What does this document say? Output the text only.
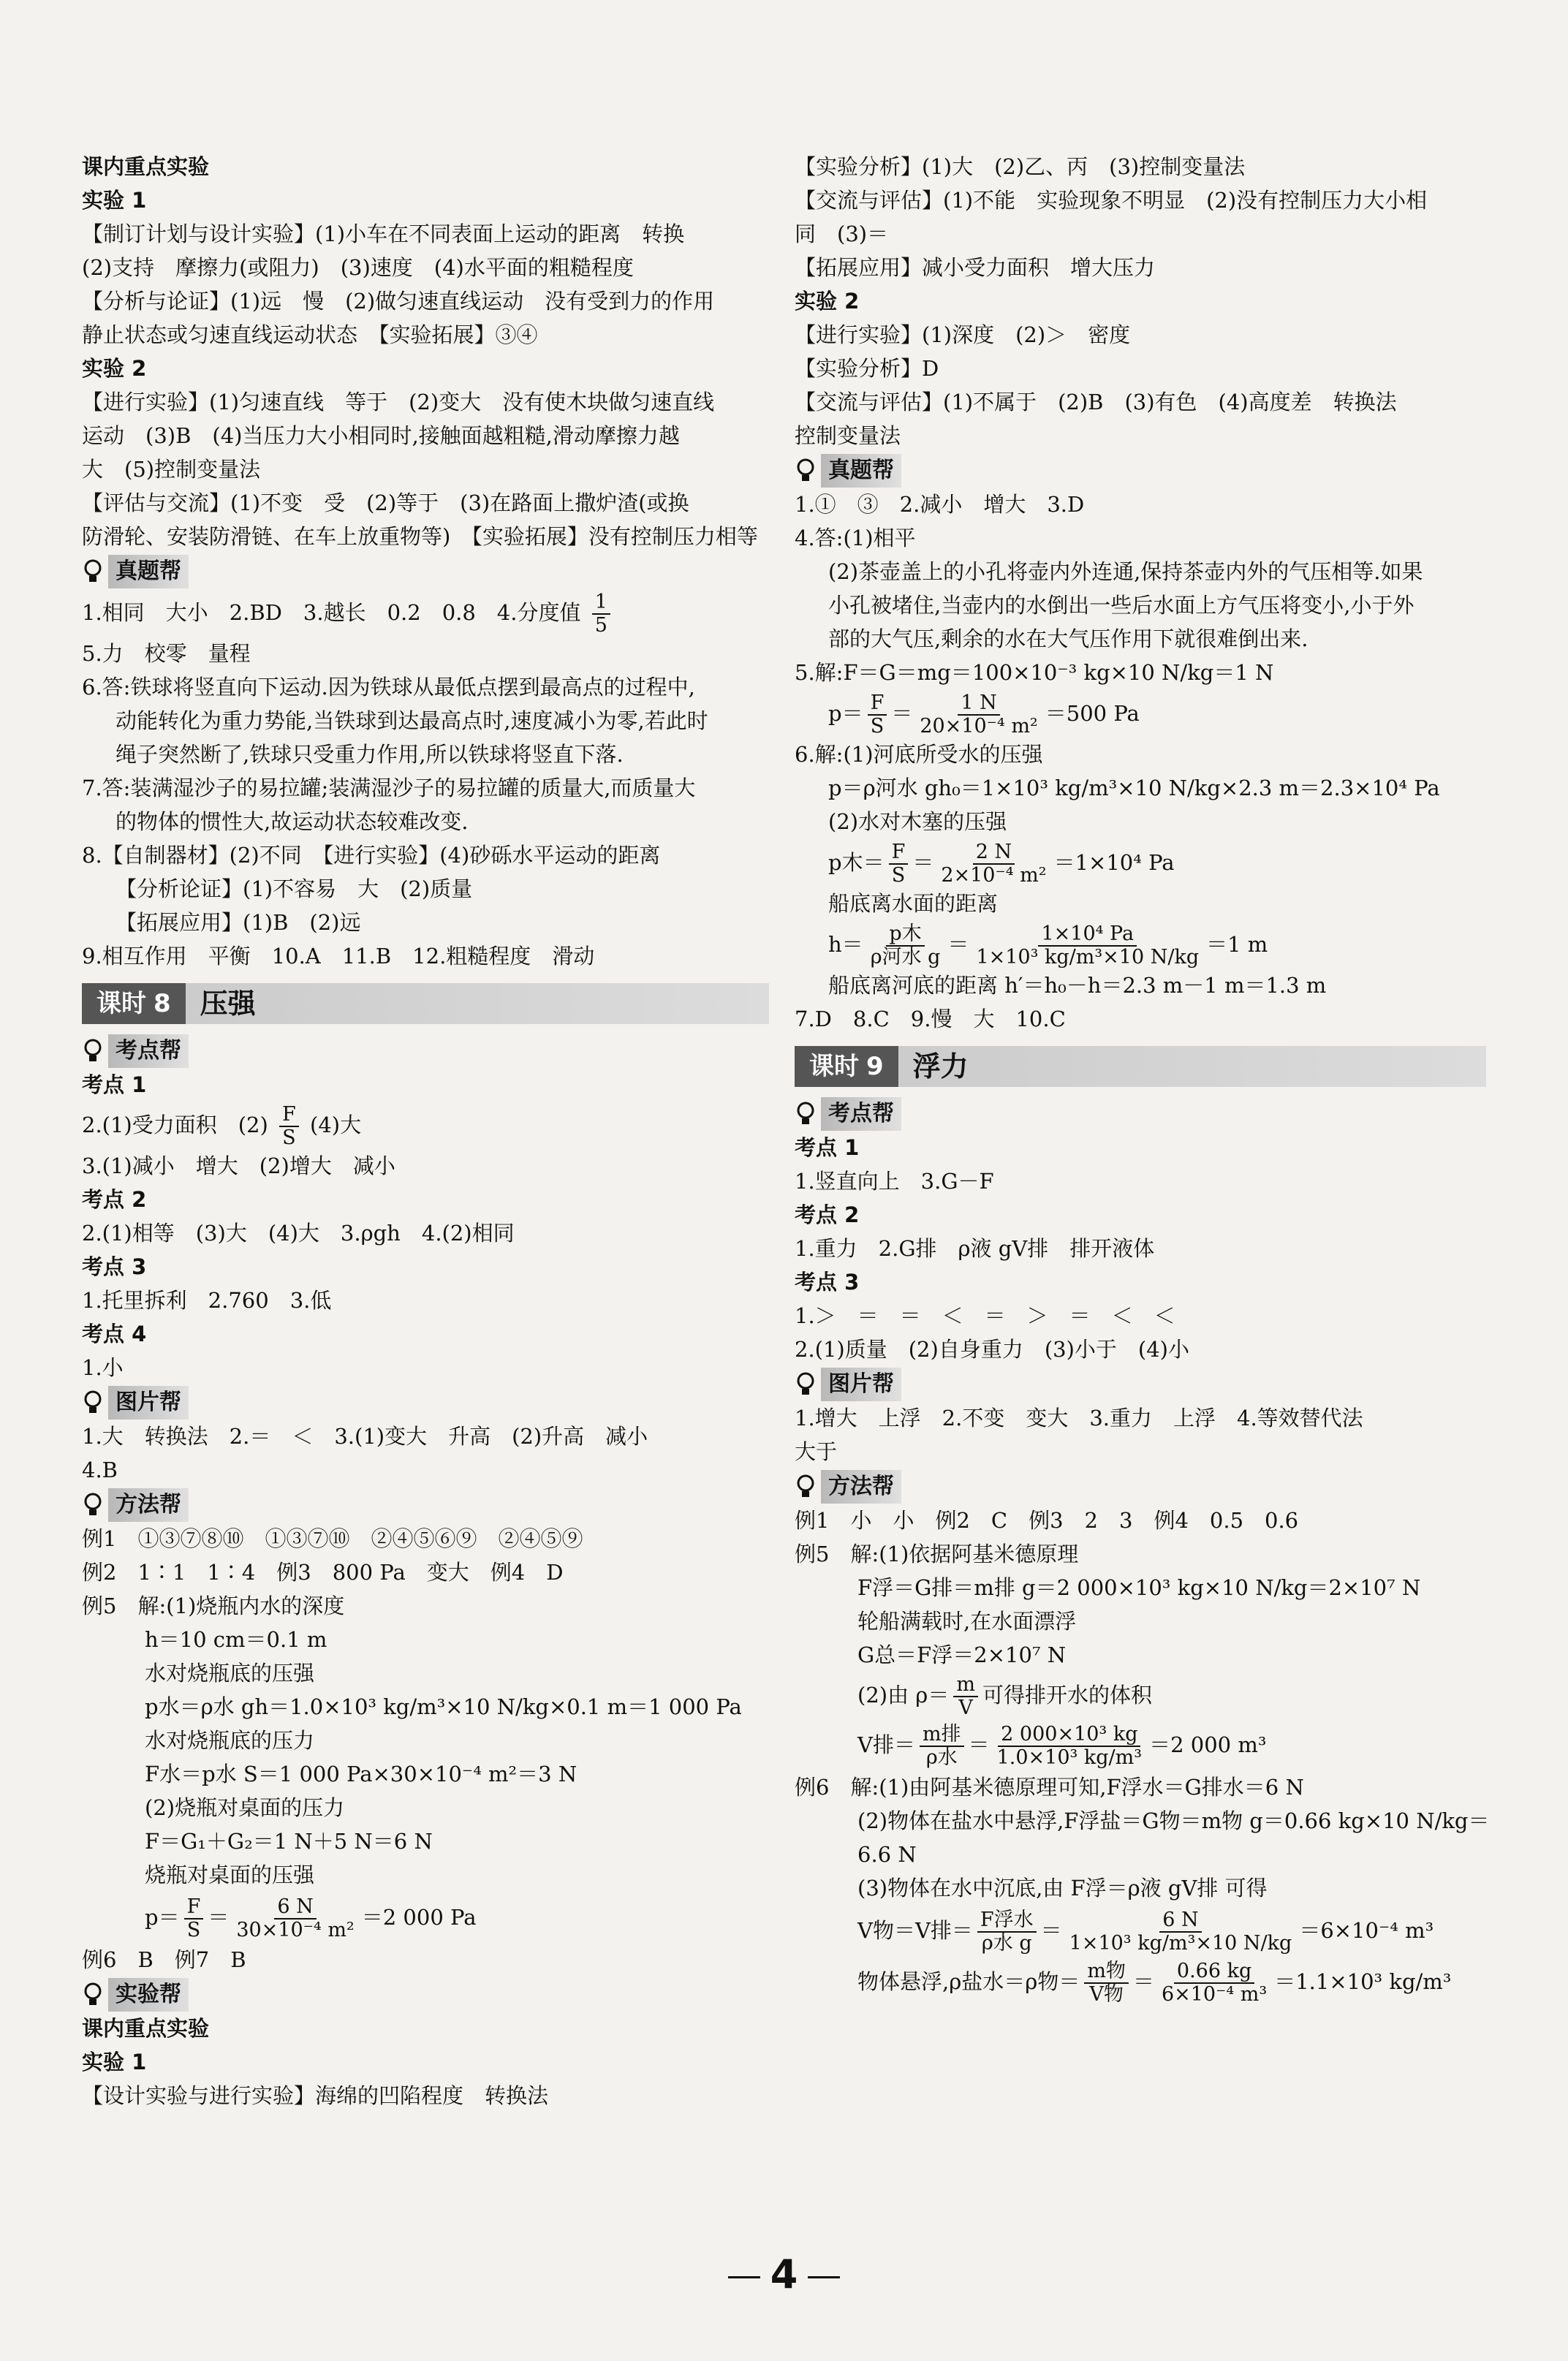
课内重点实验
实验 1
【制订计划与设计实验】(1)小车在不同表面上运动的距离　转换
(2)支持　摩擦力(或阻力)　(3)速度　(4)水平面的粗糙程度
【分析与论证】(1)远　慢　(2)做匀速直线运动　没有受到力的作用
静止状态或匀速直线运动状态　【实验拓展】③④
实验 2
【进行实验】(1)匀速直线　等于　(2)变大　没有使木块做匀速直线
运动　(3)B　(4)当压力大小相同时,接触面越粗糙,滑动摩擦力越
大　(5)控制变量法
【评估与交流】(1)不变　受　(2)等于　(3)在路面上撒炉渣(或换
防滑轮、安装防滑链、在车上放重物等)　【实验拓展】没有控制压力相等
真题帮
1.相同　大小　2.BD　3.越长　0.2　0.8　4.分度值 $\frac{1}{5}$
5.力　校零　量程
6.答:铁球将竖直向下运动.因为铁球从最低点摆到最高点的过程中,
动能转化为重力势能,当铁球到达最高点时,速度减小为零,若此时
绳子突然断了,铁球只受重力作用,所以铁球将竖直下落.
7.答:装满湿沙子的易拉罐;装满湿沙子的易拉罐的质量大,而质量大
的物体的惯性大,故运动状态较难改变.
8.【自制器材】(2)不同　【进行实验】(4)砂砾水平运动的距离
【分析论证】(1)不容易　大　(2)质量
【拓展应用】(1)B　(2)远
9.相互作用　平衡　10.A　11.B　12.粗糙程度　滑动
课时 8	压强
考点帮
考点 1
2.(1)受力面积　$(2) \frac{F}{S} (4)$大
3.(1)减小　增大　(2)增大　减小
考点 2
2.(1)相等　(3)大　(4)大　3.ρgh　4.(2)相同
考点 3
1.托里拆利　2.760　3.低
考点 4
1.小
图片帮
1.大　转换法　2.＝　＜　3.(1)变大　升高　(2)升高　减小
4.B
方法帮
例1　①③⑦⑧⑩　①③⑦⑩　②④⑤⑥⑨　②④⑤⑨
例2　1∶1　1∶4　例3　800 Pa　变大　例4　D
例5　解:(1)烧瓶内水的深度
h＝10 cm＝0.1 m
水对烧瓶底的压强
p水＝ρ水 gh＝1.0×10³ kg/m³×10 N/kg×0.1 m＝1 000 Pa
水对烧瓶底的压力
F水＝p水 S＝1 000 Pa×30×10⁻⁴ m²＝3 N
(2)烧瓶对桌面的压力
F＝G₁＋G₂＝1 N＋5 N＝6 N
烧瓶对桌面的压强
$p= \frac{F}{S} = \frac{6 N}{\text{30×10⁻⁴ m²}} =2$ 000 Pa
例6　B　例7　B
实验帮
课内重点实验
实验 1
【设计实验与进行实验】海绵的凹陷程度　转换法
【实验分析】(1)大　(2)乙、丙　(3)控制变量法
【交流与评估】(1)不能　实验现象不明显　(2)没有控制压力大小相
同　(3)＝
【拓展应用】减小受力面积　增大压力
实验 2
【进行实验】(1)深度　(2)＞　密度
【实验分析】D
【交流与评估】(1)不属于　(2)B　(3)有色　(4)高度差　转换法
控制变量法
真题帮
1.①　③　2.减小　增大　3.D
4.答:(1)相平
(2)茶壶盖上的小孔将壶内外连通,保持茶壶内外的气压相等.如果
小孔被堵住,当壶内的水倒出一些后水面上方气压将变小,小于外
部的大气压,剩余的水在大气压作用下就很难倒出来.
5.解:F＝G＝mg＝100×10⁻³ kg×10 N/kg＝1 N
$p= \frac{F}{S} = \frac{1 N}{\text{20×10⁻⁴ m²}} =500$ Pa
6.解:(1)河底所受水的压强
p＝ρ河水 gh₀＝1×10³ kg/m³×10 N/kg×2.3 m＝2.3×10⁴ Pa
(2)水对木塞的压强
p木＝ $\frac{F}{S} = \frac{2 N}{\text{2×10⁻⁴ m²}} =1\times 10^4$ Pa
船底离水面的距离
$h= \frac{\text{p木}}{\text{ρ河水 g}} = \frac{\text{1×10⁴ Pa}}{\text{1×10³ kg/m³×10 N/kg}} =1$ m
船底离河底的距离 h′＝h₀－h＝2.3 m－1 m＝1.3 m
7.D　8.C　9.慢　大　10.C
课时 9	浮力
考点帮
考点 1
1.竖直向上　3.G－F
考点 2
1.重力　2.G排　ρ液 gV排　排开液体
考点 3
1.＞　＝　＝　＜　＝　＞　＝　＜　＜
2.(1)质量　(2)自身重力　(3)小于　(4)小
图片帮
1.增大　上浮　2.不变　变大　3.重力　上浮　4.等效替代法
大于
方法帮
例1　小　小　例2　C　例3　2　3　例4　0.5　0.6
例5　解:(1)依据阿基米德原理
F浮＝G排＝m排 g＝2 000×10³ kg×10 N/kg＝2×10⁷ N
轮船满载时,在水面漂浮
G总＝F浮＝2×10⁷ N
(2)由 $\rho= \frac{m}{V}$ 可得排开水的体积
V排＝ $\frac{\text{m排}}{\text{ρ水}} = \frac{\text{2 000×10³ kg}}{\text{1.0×10³ kg/m³}} =2$ 000 m³
例6　解:(1)由阿基米德原理可知,F浮水＝G排水＝6 N
(2)物体在盐水中悬浮,F浮盐＝G物＝m物 g＝0.66 kg×10 N/kg＝
6.6 N
(3)物体在水中沉底,由 F浮＝ρ液 gV排 可得
V物＝V排＝ $\frac{\text{F浮水}}{\text{ρ水 g}} = \frac{6 N}{\text{1×10³ kg/m³×10 N/kg}} =6\times 10^{-4}$ m³
物体悬浮,ρ盐水＝ρ物＝ $\frac{\text{m物}}{\text{V物}} = \frac{0.66 kg}{\text{6×10⁻⁴ m³}} =1.1\times 10^3$ kg/m³
4
